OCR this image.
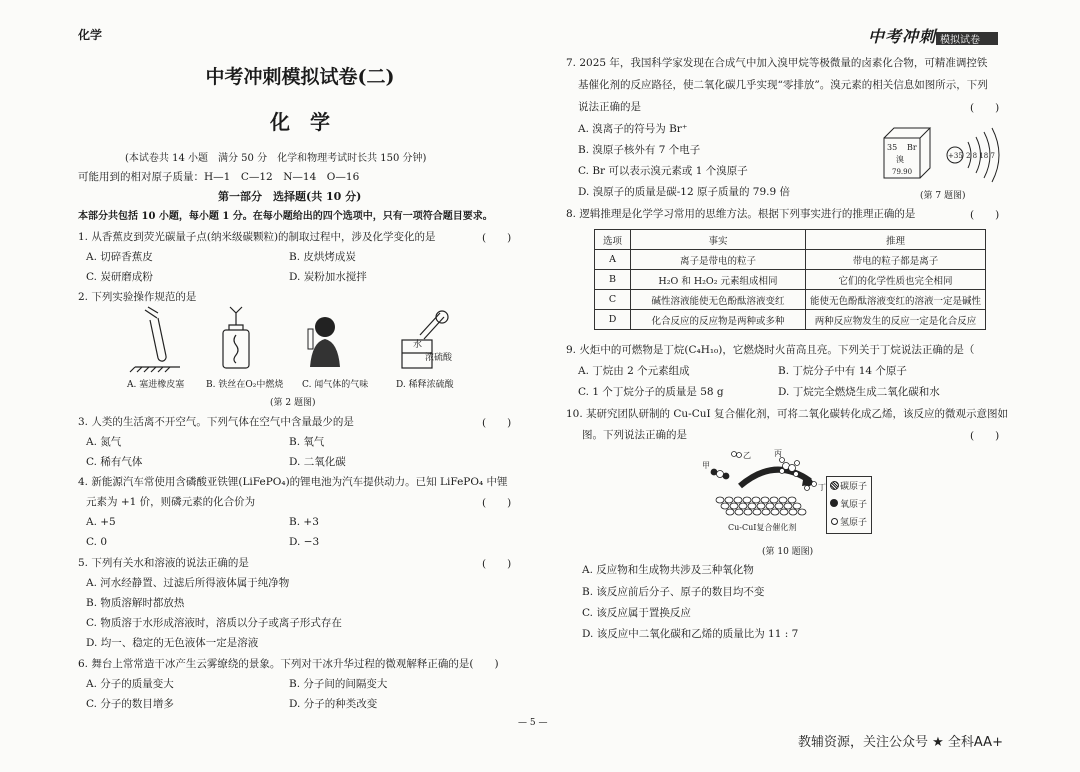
化学	中考冲刺 模拟试卷
中考冲刺模拟试卷(二)
化　学
(本试卷共 14 小题　满分 50 分　化学和物理考试时长共 150 分钟)
可能用到的相对原子质量：H—1　C—12　N—14　O—16
第一部分　选择题(共 10 分)
本部分共包括 10 小题，每小题 1 分。在每小题给出的四个选项中，只有一项符合题目要求。
1. 从香蕉皮到荧光碳量子点(纳米级碳颗粒)的制取过程中，涉及化学变化的是	(　　)
A. 切碎香蕉皮	B. 皮烘烤成炭
C. 炭研磨成粉	D. 炭粉加水搅拌
2. 下列实验操作规范的是
水
浓硫酸
A. 塞进橡皮塞 B. 铁丝在O₂中燃烧 C. 闻气体的气味	D. 稀释浓硫酸
(第 2 题图)
3. 人类的生活离不开空气。下列气体在空气中含量最少的是	(　　)
A. 氮气	B. 氧气
C. 稀有气体	D. 二氧化碳
4. 新能源汽车常使用含磷酸亚铁锂(LiFePO₄)的锂电池为汽车提供动力。已知 LiFePO₄ 中锂
元素为 +1 价，则磷元素的化合价为	(　　)
A. +5	B. +3
C. 0	D. −3
5. 下列有关水和溶液的说法正确的是	(　　)
A. 河水经静置、过滤后所得液体属于纯净物
B. 物质溶解时都放热
C. 物质溶于水形成溶液时，溶质以分子或离子形式存在
D. 均一、稳定的无色液体一定是溶液
6. 舞台上常常造干冰产生云雾缭绕的景象。下列对干冰升华过程的微观解释正确的是(　　)
A. 分子的质量变大	B. 分子间的间隔变大
C. 分子的数目增多	D. 分子的种类改变
7. 2025 年，我国科学家发现在合成气中加入溴甲烷等极微量的卤素化合物，可精准调控铁
基催化剂的反应路径，使二氧化碳几乎实现“零排放”。溴元素的相关信息如图所示，下列
说法正确的是	(　　)
A. 溴离子的符号为 Br⁺
B. 溴原子核外有 7 个电子
C. Br 可以表示溴元素或 1 个溴原子
D. 溴原子的质量是碳-12 原子质量的 79.9 倍
35 Br
溴
79.90
+35 2 8 18 7
(第 7 题图)
8. 逻辑推理是化学学习常用的思维方法。根据下列事实进行的推理正确的是	(　　)
选项	事实	推理
A	离子是带电的粒子	带电的粒子都是离子
B	H₂O 和 H₂O₂ 元素组成相同	它们的化学性质也完全相同
C	碱性溶液能使无色酚酞溶液变红	能使无色酚酞溶液变红的溶液一定是碱性
D	化合反应的反应物是两种或多种	两种反应物发生的反应一定是化合反应
9. 火炬中的可燃物是丁烷(C₄H₁₀)，它燃烧时火苗高且亮。下列关于丁烷说法正确的是（
A. 丁烷由 2 个元素组成	B. 丁烷分子中有 14 个原子
C. 1 个丁烷分子的质量是 58 g	D. 丁烷完全燃烧生成二氧化碳和水
10. 某研究团队研制的 Cu-CuI 复合催化剂，可将二氧化碳转化成乙烯，该反应的微观示意图如
图。下列说法正确的是	(　　)
甲
乙	丙
丁
Cu-CuI复合催化剂
碳原子
氧原子
氢原子
(第 10 题图)
A. 反应物和生成物共涉及三种氧化物
B. 该反应前后分子、原子的数目均不变
C. 该反应属于置换反应
D. 该反应中二氧化碳和乙烯的质量比为 11 : 7
— 5 —
教辅资源，关注公众号 ★ 全科AA+
